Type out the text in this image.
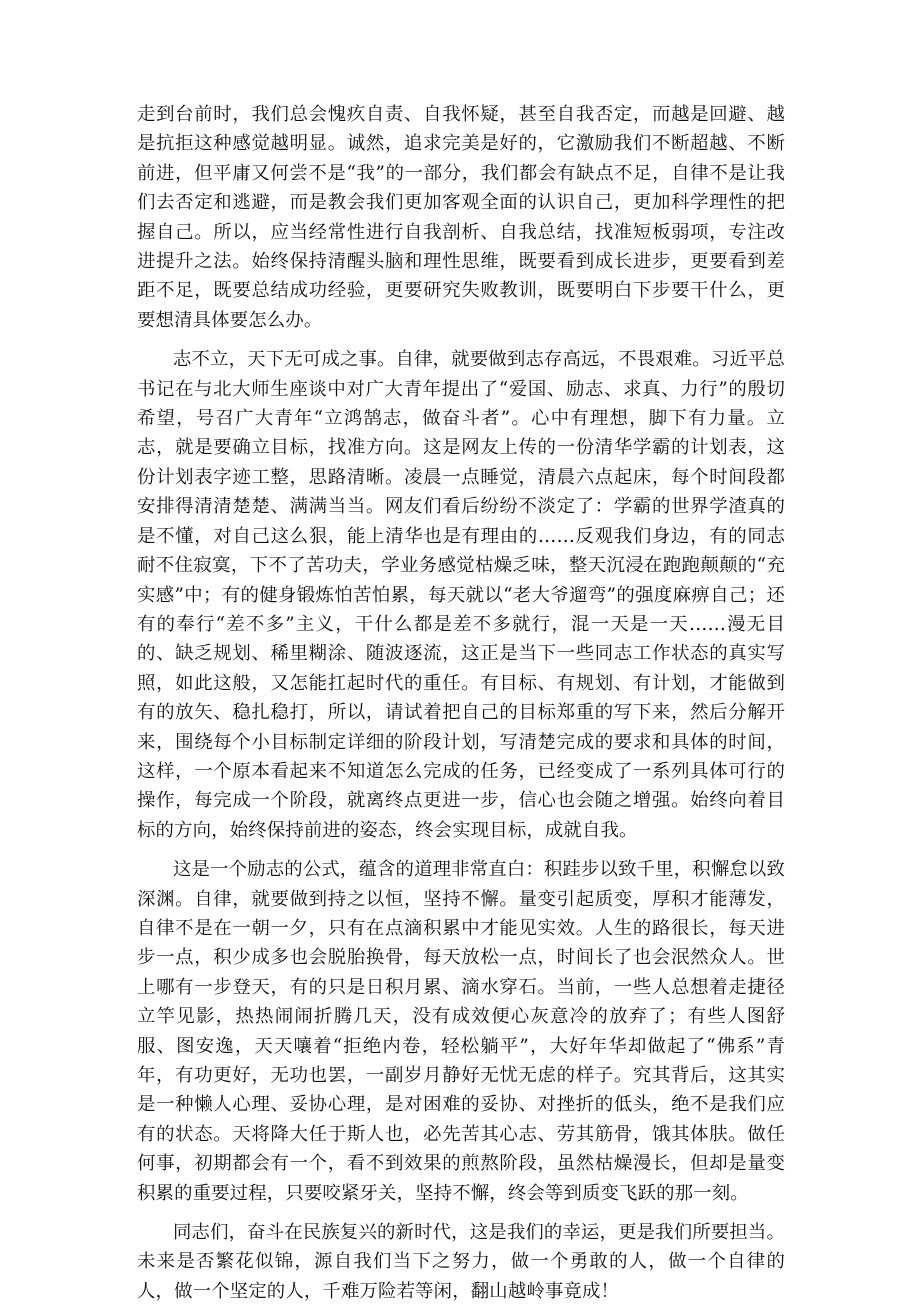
走到台前时，我们总会愧疚自责、自我怀疑，甚至自我否定，而越是回避、越是抗拒这种感觉越明显。诚然，追求完美是好的，它激励我们不断超越、不断前进，但平庸又何尝不是“我”的一部分，我们都会有缺点不足，自律不是让我们去否定和逃避，而是教会我们更加客观全面的认识自己，更加科学理性的把握自己。所以，应当经常性进行自我剖析、自我总结，找准短板弱项，专注改进提升之法。始终保持清醒头脑和理性思维，既要看到成长进步，更要看到差距不足，既要总结成功经验，更要研究失败教训，既要明白下步要干什么，更要想清具体要怎么办。

志不立，天下无可成之事。自律，就要做到志存高远，不畏艰难。习近平总书记在与北大师生座谈中对广大青年提出了“爱国、励志、求真、力行”的殷切希望，号召广大青年“立鸿鹄志，做奋斗者”。心中有理想，脚下有力量。立志，就是要确立目标，找准方向。这是网友上传的一份清华学霸的计划表，这份计划表字迹工整，思路清晰。凌晨一点睡觉，清晨六点起床，每个时间段都安排得清清楚楚、满满当当。网友们看后纷纷不淡定了：学霸的世界学渣真的是不懂，对自己这么狠，能上清华也是有理由的……反观我们身边，有的同志耐不住寂寞，下不了苦功夫，学业务感觉枯燥乏味，整天沉浸在跑跑颠颠的“充实感”中；有的健身锻炼怕苦怕累，每天就以“老大爷遛弯”的强度麻痹自己；还有的奉行“差不多”主义，干什么都是差不多就行，混一天是一天……漫无目的、缺乏规划、稀里糊涂、随波逐流，这正是当下一些同志工作状态的真实写照，如此这般，又怎能扛起时代的重任。有目标、有规划、有计划，才能做到有的放矢、稳扎稳打，所以，请试着把自己的目标郑重的写下来，然后分解开来，围绕每个小目标制定详细的阶段计划，写清楚完成的要求和具体的时间，这样，一个原本看起来不知道怎么完成的任务，已经变成了一系列具体可行的操作，每完成一个阶段，就离终点更进一步，信心也会随之增强。始终向着目标的方向，始终保持前进的姿态，终会实现目标，成就自我。

这是一个励志的公式，蕴含的道理非常直白：积跬步以致千里，积懈怠以致深渊。自律，就要做到持之以恒，坚持不懈。量变引起质变，厚积才能薄发，自律不是在一朝一夕，只有在点滴积累中才能见实效。人生的路很长，每天进步一点，积少成多也会脱胎换骨，每天放松一点，时间长了也会泯然众人。世上哪有一步登天，有的只是日积月累、滴水穿石。当前，一些人总想着走捷径立竿见影，热热闹闹折腾几天，没有成效便心灰意冷的放弃了；有些人图舒服、图安逸，天天嚷着“拒绝内卷，轻松躺平”，大好年华却做起了“佛系”青年，有功更好，无功也罢，一副岁月静好无忧无虑的样子。究其背后，这其实是一种懒人心理、妥协心理，是对困难的妥协、对挫折的低头，绝不是我们应有的状态。天将降大任于斯人也，必先苦其心志、劳其筋骨，饿其体肤。做任何事，初期都会有一个，看不到效果的煎熬阶段，虽然枯燥漫长，但却是量变积累的重要过程，只要咬紧牙关，坚持不懈，终会等到质变飞跃的那一刻。

同志们，奋斗在民族复兴的新时代，这是我们的幸运，更是我们所要担当。未来是否繁花似锦，源自我们当下之努力，做一个勇敢的人，做一个自律的人，做一个坚定的人，千难万险若等闲，翻山越岭事竟成！
